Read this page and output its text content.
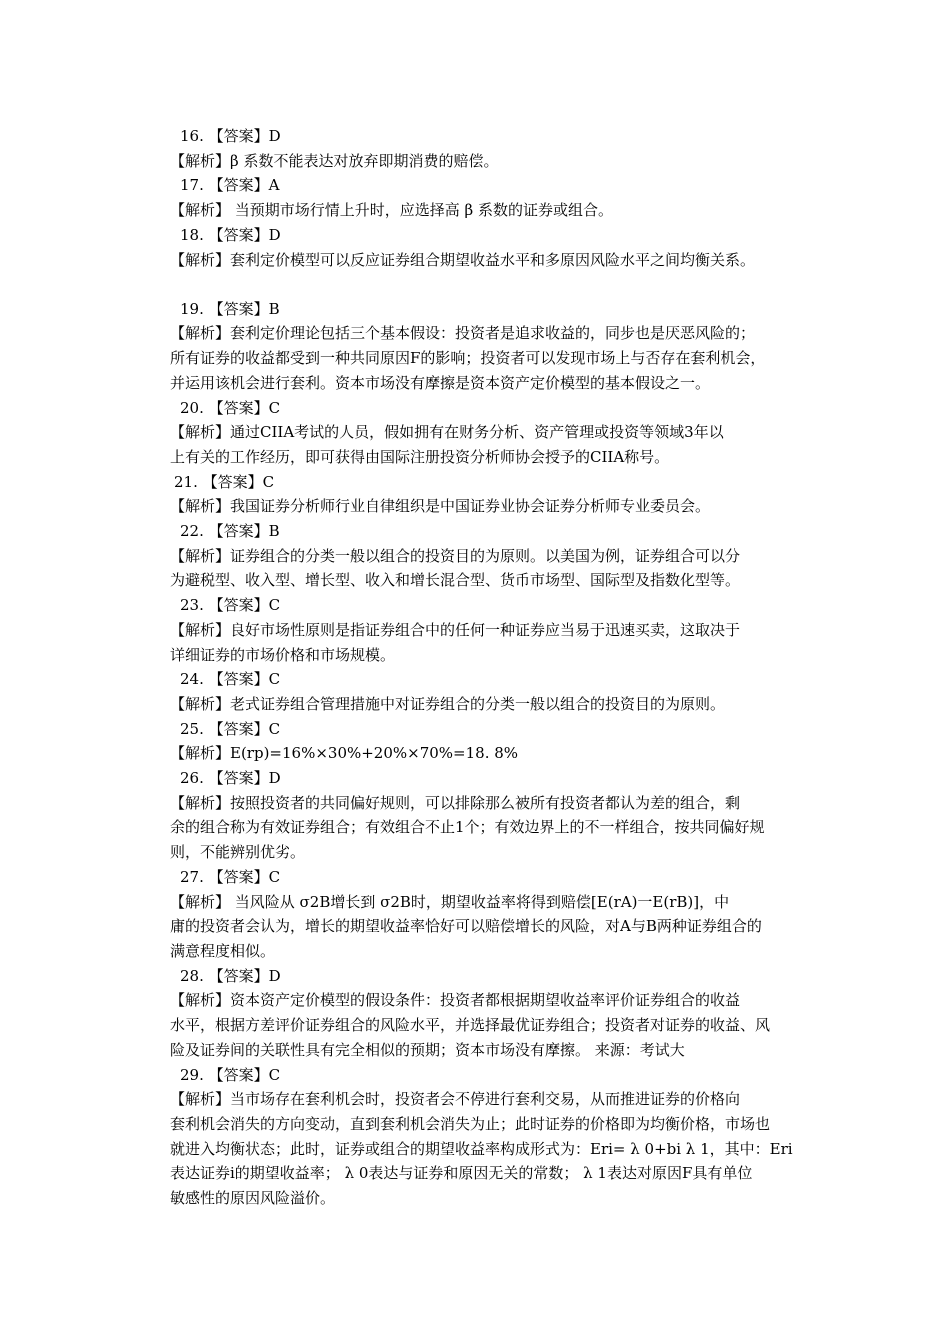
16. 【答案】D
【解析】β 系数不能表达对放弃即期消费的赔偿。
17. 【答案】A
【解析】 当预期市场行情上升时，应选择高 β 系数的证券或组合。
18. 【答案】D
【解析】套利定价模型可以反应证券组合期望收益水平和多原因风险水平之间均衡关系。
19. 【答案】B
【解析】套利定价理论包括三个基本假设：投资者是追求收益的，同步也是厌恶风险的；
所有证券的收益都受到一种共同原因F的影响；投资者可以发现市场上与否存在套利机会，
并运用该机会进行套利。资本市场没有摩擦是资本资产定价模型的基本假设之一。
20. 【答案】C
【解析】通过CIIA考试的人员，假如拥有在财务分析、资产管理或投资等领域3年以
上有关的工作经历，即可获得由国际注册投资分析师协会授予的CIIA称号。
21. 【答案】C
【解析】我国证券分析师行业自律组织是中国证券业协会证券分析师专业委员会。
22. 【答案】B
【解析】证券组合的分类一般以组合的投资目的为原则。以美国为例，证券组合可以分
为避税型、收入型、增长型、收入和增长混合型、货币市场型、国际型及指数化型等。
23. 【答案】C
【解析】良好市场性原则是指证券组合中的任何一种证券应当易于迅速买卖，这取决于
详细证券的市场价格和市场规模。
24. 【答案】C
【解析】老式证券组合管理措施中对证券组合的分类一般以组合的投资目的为原则。
25. 【答案】C
【解析】E(rp)=16%×30%+20%×70%=18. 8%
26. 【答案】D
【解析】按照投资者的共同偏好规则，可以排除那么被所有投资者都认为差的组合，剩
余的组合称为有效证券组合；有效组合不止1个；有效边界上的不一样组合，按共同偏好规
则，不能辨别优劣。
27. 【答案】C
【解析】 当风险从 σ2B增长到 σ2B时，期望收益率将得到赔偿[E(rA)一E(rB)]，中
庸的投资者会认为，增长的期望收益率恰好可以赔偿增长的风险，对A与B两种证券组合的
满意程度相似。
28. 【答案】D
【解析】资本资产定价模型的假设条件：投资者都根据期望收益率评价证券组合的收益
水平，根据方差评价证券组合的风险水平，并选择最优证券组合；投资者对证券的收益、风
险及证券间的关联性具有完全相似的预期；资本市场没有摩擦。 来源：考试大
29. 【答案】C
【解析】当市场存在套利机会时，投资者会不停进行套利交易，从而推进证券的价格向
套利机会消失的方向变动，直到套利机会消失为止；此时证券的价格即为均衡价格，市场也
就进入均衡状态；此时，证券或组合的期望收益率构成形式为：Eri= λ 0+bi λ 1，其中：Eri
表达证券i的期望收益率； λ 0表达与证券和原因无关的常数； λ 1表达对原因F具有单位
敏感性的原因风险溢价。
